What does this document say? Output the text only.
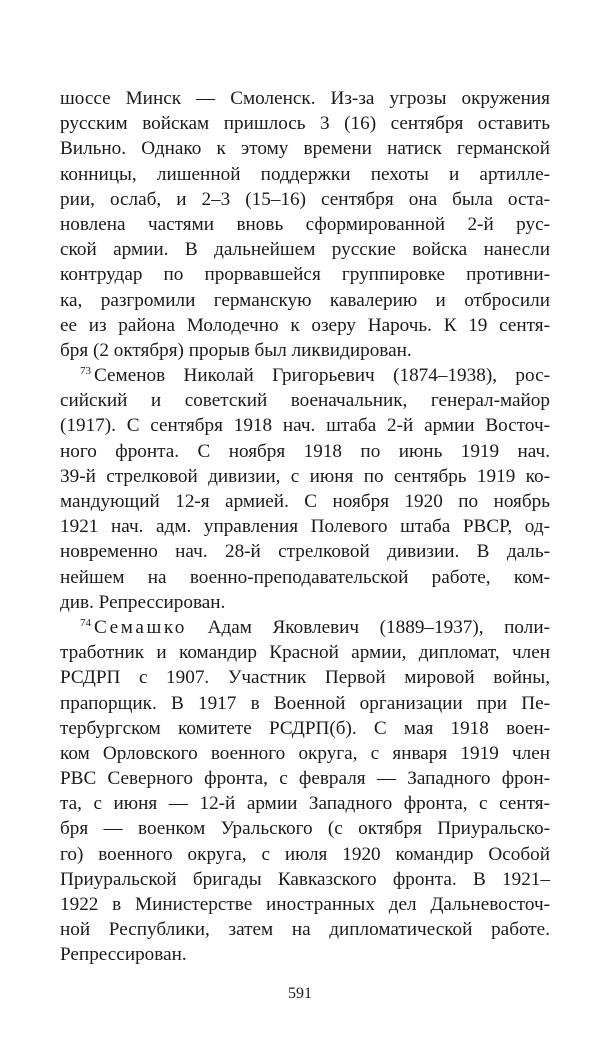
шоссе Минск — Смоленск. Из-за угрозы окружения
русским войскам пришлось 3 (16) сентября оставить
Вильно. Однако к этому времени натиск германской
конницы, лишенной поддержки пехоты и артилле-
рии, ослаб, и 2–3 (15–16) сентября она была оста-
новлена частями вновь сформированной 2-й рус-
ской армии. В дальнейшем русские войска нанесли
контрудар по прорвавшейся группировке противни-
ка, разгромили германскую кавалерию и отбросили
ее из района Молодечно к озеру Нарочь. К 19 сентя-
бря (2 октября) прорыв был ликвидирован.
$^{73}$ Семенов Николай Григорьевич (1874–1938), рос-
сийский и советский военачальник, генерал-майор
(1917). С сентября 1918 нач. штаба 2-й армии Восточ-
ного фронта. С ноября 1918 по июнь 1919 нач.
39-й стрелковой дивизии, с июня по сентябрь 1919 ко-
мандующий 12-я армией. С ноября 1920 по ноябрь
1921 нач. адм. управления Полевого штаба РВСР, од-
новременно нач. 28-й стрелковой дивизии. В даль-
нейшем на военно-преподавательской работе, ком-
див. Репрессирован.
$^{74}$ Семашко Адам Яковлевич (1889–1937), поли-
тработник и командир Красной армии, дипломат, член
РСДРП с 1907. Участник Первой мировой войны,
прапорщик. В 1917 в Военной организации при Пе-
тербургском комитете РСДРП(б). С мая 1918 воен-
ком Орловского военного округа, с января 1919 член
РВС Северного фронта, с февраля — Западного фрон-
та, с июня — 12-й армии Западного фронта, с сентя-
бря — военком Уральского (с октября Приуральско-
го) военного округа, с июля 1920 командир Особой
Приуральской бригады Кавказского фронта. В 1921–
1922 в Министерстве иностранных дел Дальневосточ-
ной Республики, затем на дипломатической работе.
Репрессирован.
591
